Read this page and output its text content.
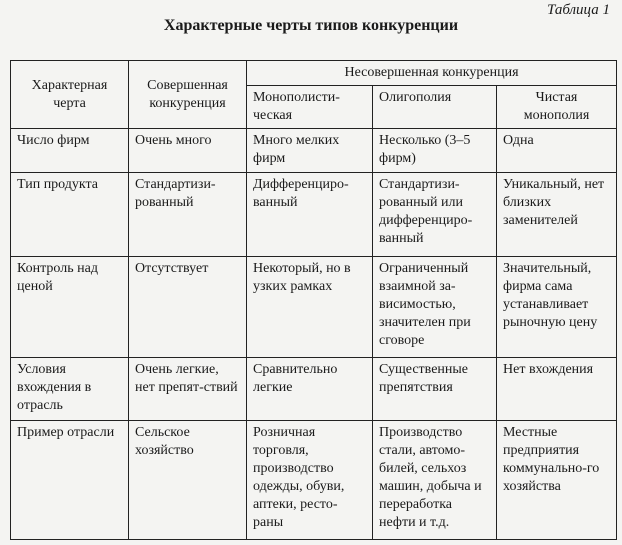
Таблица 1
Характерные черты типов конкуренции
Характерная черта	Совершенная конкуренция	Несовершенная конкуренция		
		Монополисти-ческая	Олигополия	Чистая монополия
Число фирм	Очень много	Много мелких фирм	Несколько (3–5 фирм)	Одна
Тип продукта	Стандартизи-рованный	Дифференциро-ванный	Стандартизи-рованный или дифференциро-ванный	Уникальный, нет близких заменителей
Контроль над ценой	Отсутствует	Некоторый, но в узких рамках	Ограниченный взаимной за-висимостью, значителен при сговоре	Значительный, фирма сама устанавливает рыночную цену
Условия вхождения в отрасль	Очень легкие, нет препят-ствий	Сравнительно легкие	Существенные препятствия	Нет вхождения
Пример отрасли	Сельское хозяйство	Розничная торговля, производство одежды, обуви, аптеки, ресто-раны	Производство стали, автомо-билей, сельхоз машин, добыча и переработка нефти и т.д.	Местные предприятия коммунально-го хозяйства
